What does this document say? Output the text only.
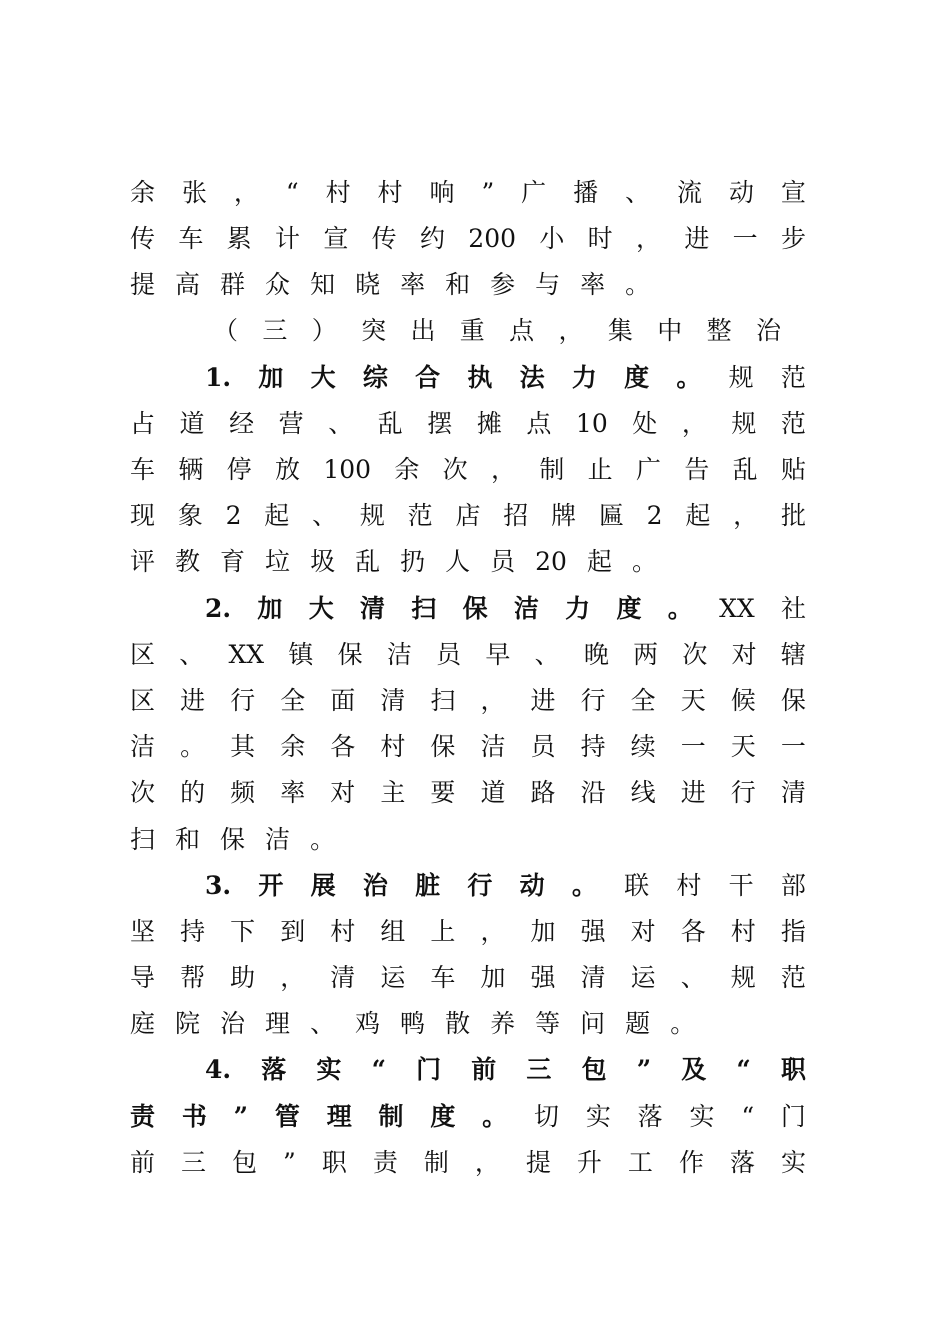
余 张 ， “ 村 村 响 ” 广 播 、 流 动 宣
传 车 累 计 宣 传 约 200 小 时 ， 进 一 步
提 高 群 众 知 晓 率 和 参 与 率 。
（ 三 ） 突 出 重 点 ， 集 中 整 治
1. 加 大 综 合 执 法 力 度 。 规 范
占 道 经 营 、 乱 摆 摊 点 10 处 ， 规 范
车 辆 停 放 100 余 次 ， 制 止 广 告 乱 贴
现 象 2 起 、 规 范 店 招 牌 匾 2 起 ， 批
评 教 育 垃 圾 乱 扔 人 员 20 起 。
2. 加 大 清 扫 保 洁 力 度 。 XX 社
区 、 XX 镇 保 洁 员 早 、 晚 两 次 对 辖
区 进 行 全 面 清 扫 ， 进 行 全 天 候 保
洁 。 其 余 各 村 保 洁 员 持 续 一 天 一
次 的 频 率 对 主 要 道 路 沿 线 进 行 清
扫 和 保 洁 。
3. 开 展 治 脏 行 动 。 联 村 干 部
坚 持 下 到 村 组 上 ， 加 强 对 各 村 指
导 帮 助 ， 清 运 车 加 强 清 运 、 规 范
庭 院 治 理 、 鸡 鸭 散 养 等 问 题 。
4. 落 实 “ 门 前 三 包 ” 及 “ 职
责 书 ” 管 理 制 度 。 切 实 落 实 “ 门
前 三 包 ” 职 责 制 ， 提 升 工 作 落 实
